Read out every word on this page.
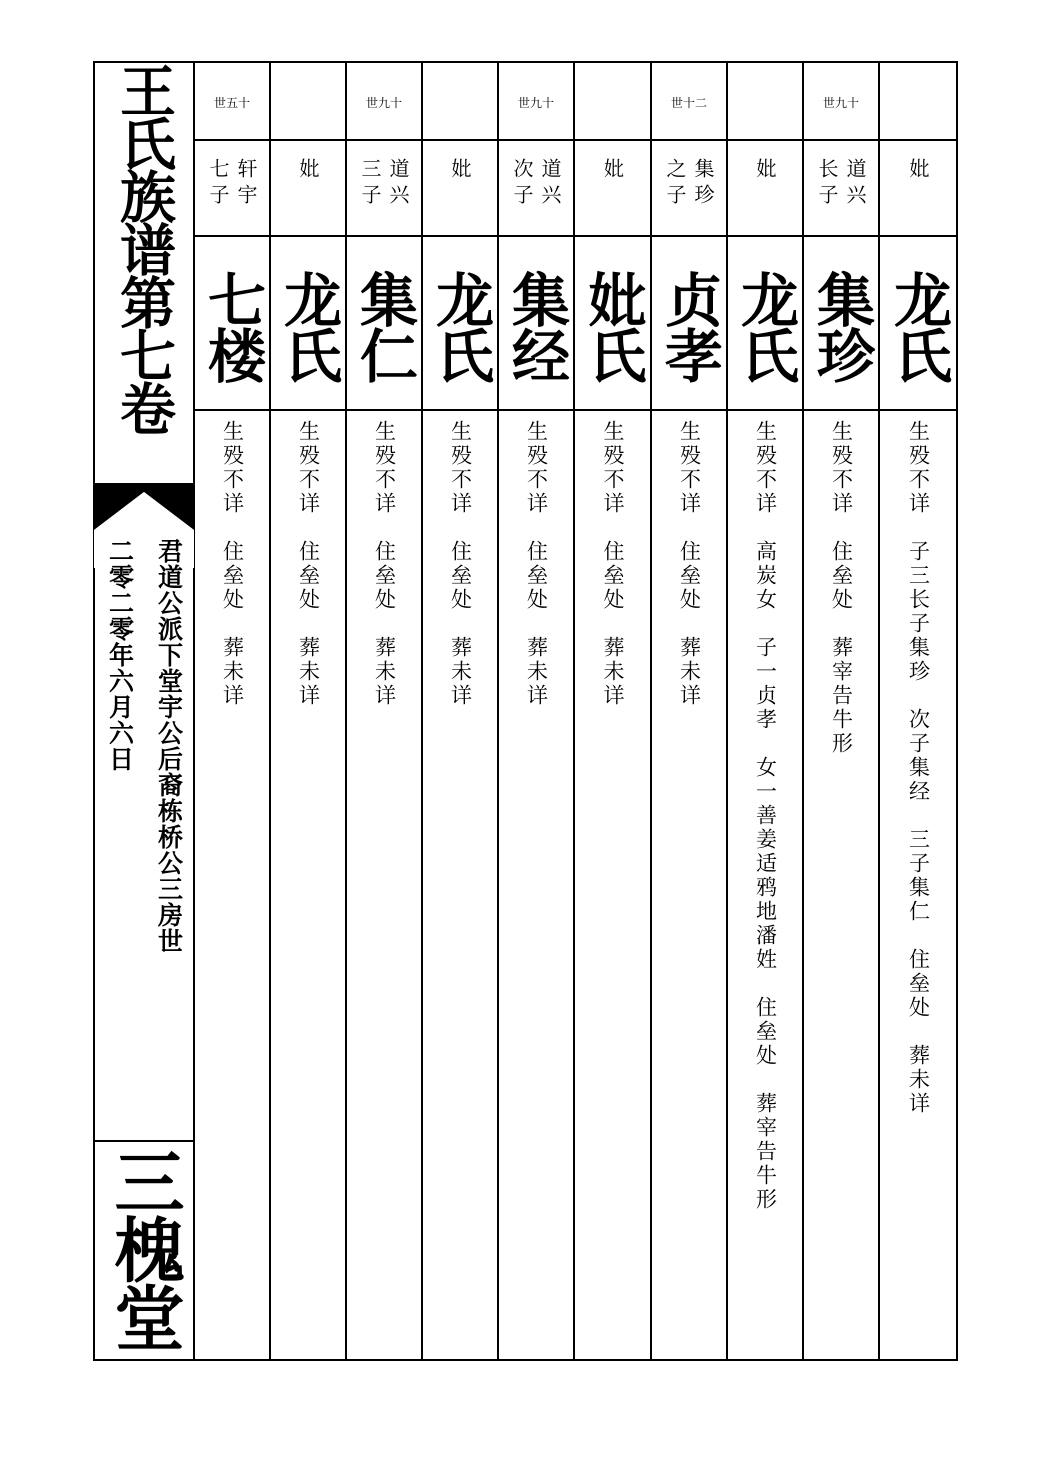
王氏族谱第七卷
君道公派下堂宇公后裔栋桥公三房世
二零二零年六月六日
三槐堂
世五十
轩宇
七子
七楼
生殁不详　住垒处　葬未详
妣
龙氏
生殁不详　住垒处　葬未详
世九十
道兴
三子
集仁
生殁不详　住垒处　葬未详
妣
龙氏
生殁不详　住垒处　葬未详
世九十
道兴
次子
集经
生殁不详　住垒处　葬未详
妣
妣氏
生殁不详　住垒处　葬未详
世十二
集珍
之子
贞孝
生殁不详　住垒处　葬未详
妣
龙氏
生殁不详　高炭女　子一贞孝　女一善姜适鸦地潘姓　住垒处　葬宰告牛形
世九十
道兴
长子
集珍
生殁不详　住垒处　葬宰告牛形
妣
龙氏
生殁不详　子三长子集珍　次子集经　三子集仁　住垒处　葬未详
